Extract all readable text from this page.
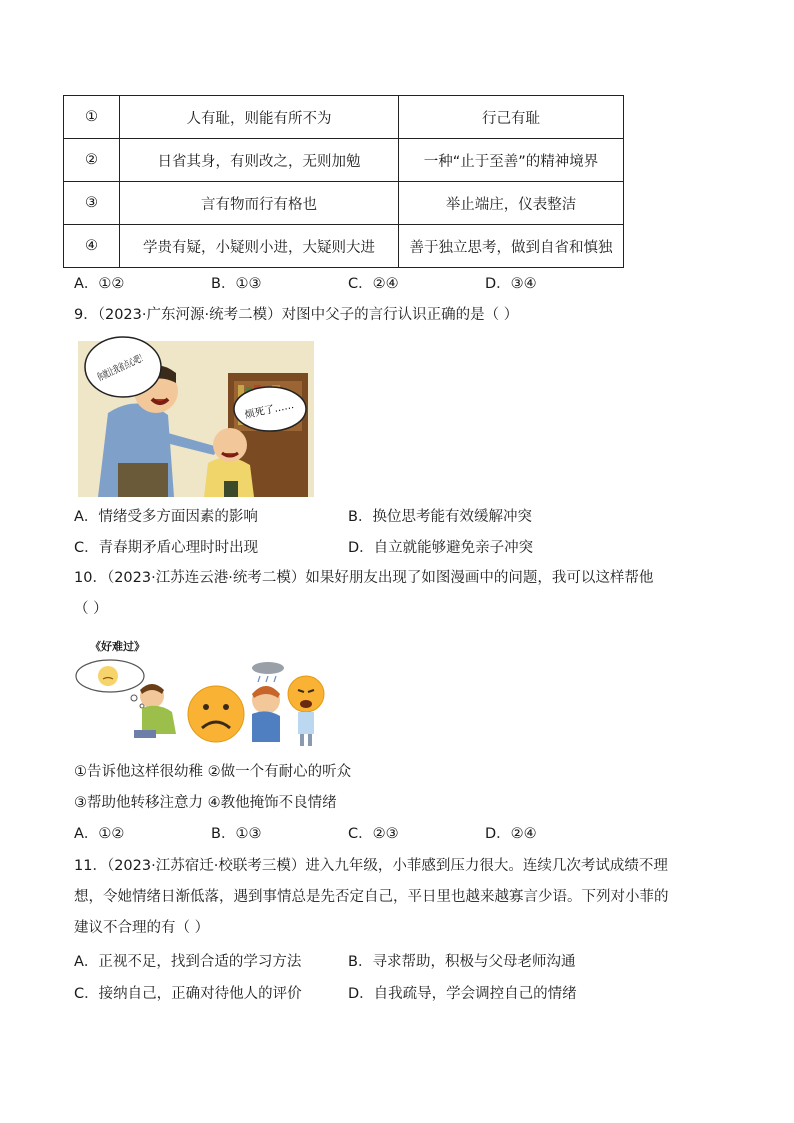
①	人有耻，则能有所不为	行己有耻
②	日省其身，有则改之，无则加勉	一种“止于至善”的精神境界
③	言有物而行有格也	举止端庄，仪表整洁
④	学贵有疑，小疑则小进，大疑则大进	善于独立思考，做到自省和慎独
A．①②	B．①③	C．②④	D．③④
9．（2023·广东河源·统考二模）对图中父子的言行认识正确的是（ ）
你就让我省点心吧！
烦死了……
A．情绪受多方面因素的影响	B．换位思考能有效缓解冲突
C．青春期矛盾心理时时出现	D．自立就能够避免亲子冲突
10．（2023·江苏连云港·统考二模）如果好朋友出现了如图漫画中的问题，我可以这样帮他
（ ）
《好难过》
①告诉他这样很幼稚 ②做一个有耐心的听众
③帮助他转移注意力 ④教他掩饰不良情绪
A．①②	B．①③	C．②③	D．②④
11．（2023·江苏宿迁·校联考三模）进入九年级，小菲感到压力很大。连续几次考试成绩不理
想，令她情绪日渐低落，遇到事情总是先否定自己，平日里也越来越寡言少语。下列对小菲的
建议不合理的有（ ）
A．正视不足，找到合适的学习方法	B．寻求帮助，积极与父母老师沟通
C．接纳自己，正确对待他人的评价	D．自我疏导，学会调控自己的情绪
